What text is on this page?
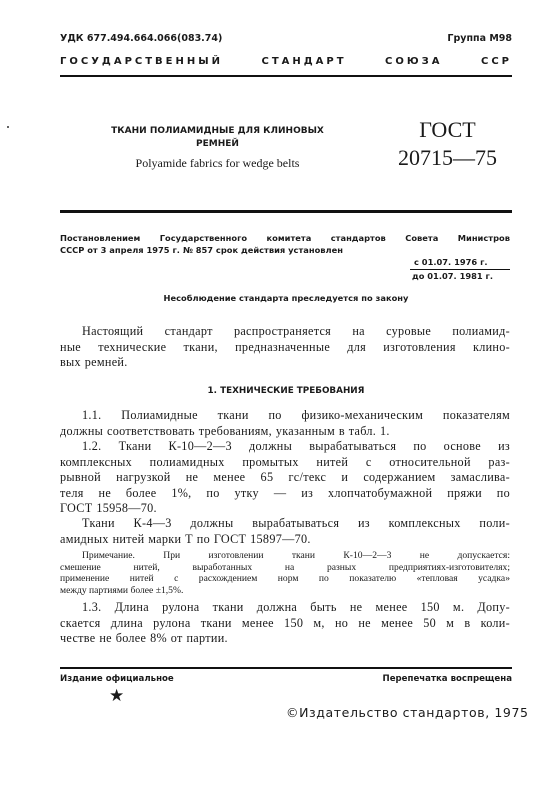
УДК 677.494.664.066(083.74)	Группа М98
ГОСУДАРСТВЕННЫЙ СТАНДАРТ СОЮЗА ССР
ТКАНИ ПОЛИАМИДНЫЕ ДЛЯ КЛИНОВЫХ
РЕМНЕЙ
Polyamide fabrics for wedge belts
ГОСТ
20715—75
Постановлением Государственного комитета стандартов Совета Министров
СССР от 3 апреля 1975 г. № 857 срок действия установлен
с 01.07. 1976 г.
до 01.07. 1981 г.
Несоблюдение стандарта преследуется по закону
Настоящий стандарт распространяется на суровые полиамид-
ные технические ткани, предназначенные для изготовления клино-
вых ремней.
1. ТЕХНИЧЕСКИЕ ТРЕБОВАНИЯ
1.1. Полиамидные ткани по физико-механическим показателям
должны соответствовать требованиям, указанным в табл. 1.
1.2. Ткани К-10—2—3 должны вырабатываться по основе из
комплексных полиамидных промытых нитей с относительной раз-
рывной нагрузкой не менее 65 гс/текс и содержанием замаслива-
теля не более 1%, по утку — из хлопчатобумажной пряжи по
ГОСТ 15958—70.
Ткани К-4—3 должны вырабатываться из комплексных поли-
амидных нитей марки Т по ГОСТ 15897—70.
Примечание. При изготовлении ткани К-10—2—3 не допускается:
смешение нитей, выработанных на разных предприятиях-изготовителях;
применение нитей с расхождением норм по показателю «тепловая усадка»
между партиями более ±1,5%.
1.3. Длина рулона ткани должна быть не менее 150 м. Допу-
скается длина рулона ткани менее 150 м, но не менее 50 м в коли-
честве не более 8% от партии.
Издание официальное	Перепечатка воспрещена
★
©Издательство стандартов, 1975
